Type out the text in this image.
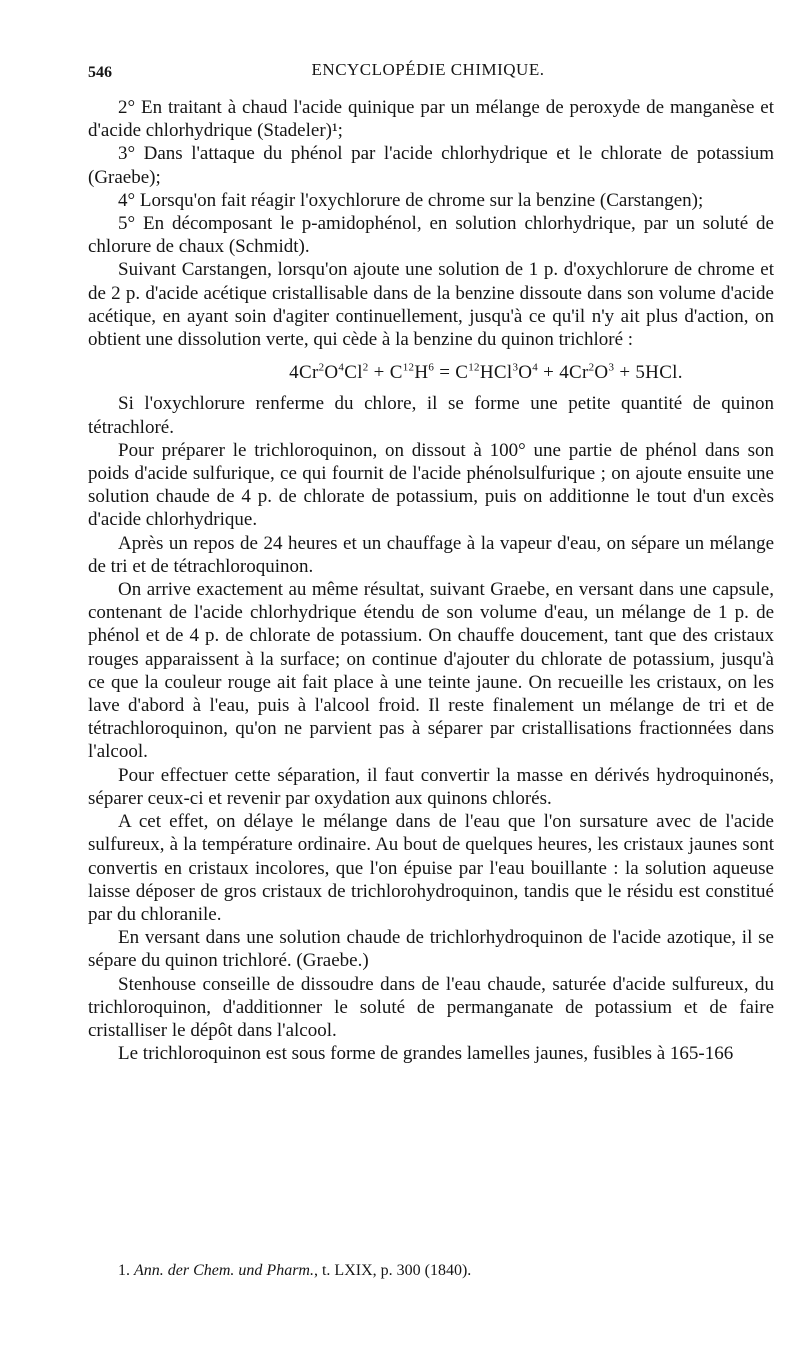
546	ENCYCLOPÉDIE CHIMIQUE.

2° En traitant à chaud l'acide quinique par un mélange de peroxyde de manganèse et d'acide chlorhydrique (Stadeler)¹;

3° Dans l'attaque du phénol par l'acide chlorhydrique et le chlorate de potassium (Graebe);

4° Lorsqu'on fait réagir l'oxychlorure de chrome sur la benzine (Carstangen);

5° En décomposant le p-amidophénol, en solution chlorhydrique, par un soluté de chlorure de chaux (Schmidt).

Suivant Carstangen, lorsqu'on ajoute une solution de 1 p. d'oxychlorure de chrome et de 2 p. d'acide acétique cristallisable dans de la benzine dissoute dans son volume d'acide acétique, en ayant soin d'agiter continuellement, jusqu'à ce qu'il n'y ait plus d'action, on obtient une dissolution verte, qui cède à la benzine du quinon trichloré :

$4Cr^2O^4Cl^2 + C^{12}H^6 = C^{12}HCl^3O^4 + 4Cr^2O^3 + 5HCl$.

Si l'oxychlorure renferme du chlore, il se forme une petite quantité de quinon tétrachloré.

Pour préparer le trichloroquinon, on dissout à 100° une partie de phénol dans son poids d'acide sulfurique, ce qui fournit de l'acide phénolsulfurique ; on ajoute ensuite une solution chaude de 4 p. de chlorate de potassium, puis on additionne le tout d'un excès d'acide chlorhydrique.

Après un repos de 24 heures et un chauffage à la vapeur d'eau, on sépare un mélange de tri et de tétrachloroquinon.

On arrive exactement au même résultat, suivant Graebe, en versant dans une capsule, contenant de l'acide chlorhydrique étendu de son volume d'eau, un mélange de 1 p. de phénol et de 4 p. de chlorate de potassium. On chauffe doucement, tant que des cristaux rouges apparaissent à la surface; on continue d'ajouter du chlorate de potassium, jusqu'à ce que la couleur rouge ait fait place à une teinte jaune. On recueille les cristaux, on les lave d'abord à l'eau, puis à l'alcool froid. Il reste finalement un mélange de tri et de tétrachloroquinon, qu'on ne parvient pas à séparer par cristallisations fractionnées dans l'alcool.

Pour effectuer cette séparation, il faut convertir la masse en dérivés hydroquinonés, séparer ceux-ci et revenir par oxydation aux quinons chlorés.

A cet effet, on délaye le mélange dans de l'eau que l'on sursature avec de l'acide sulfureux, à la température ordinaire. Au bout de quelques heures, les cristaux jaunes sont convertis en cristaux incolores, que l'on épuise par l'eau bouillante : la solution aqueuse laisse déposer de gros cristaux de trichlorohydroquinon, tandis que le résidu est constitué par du chloranile.

En versant dans une solution chaude de trichlorhydroquinon de l'acide azotique, il se sépare du quinon trichloré. (Graebe.)

Stenhouse conseille de dissoudre dans de l'eau chaude, saturée d'acide sulfureux, du trichloroquinon, d'additionner le soluté de permanganate de potassium et de faire cristalliser le dépôt dans l'alcool.

Le trichloroquinon est sous forme de grandes lamelles jaunes, fusibles à 165-166

1. Ann. der Chem. und Pharm., t. LXIX, p. 300 (1840).
